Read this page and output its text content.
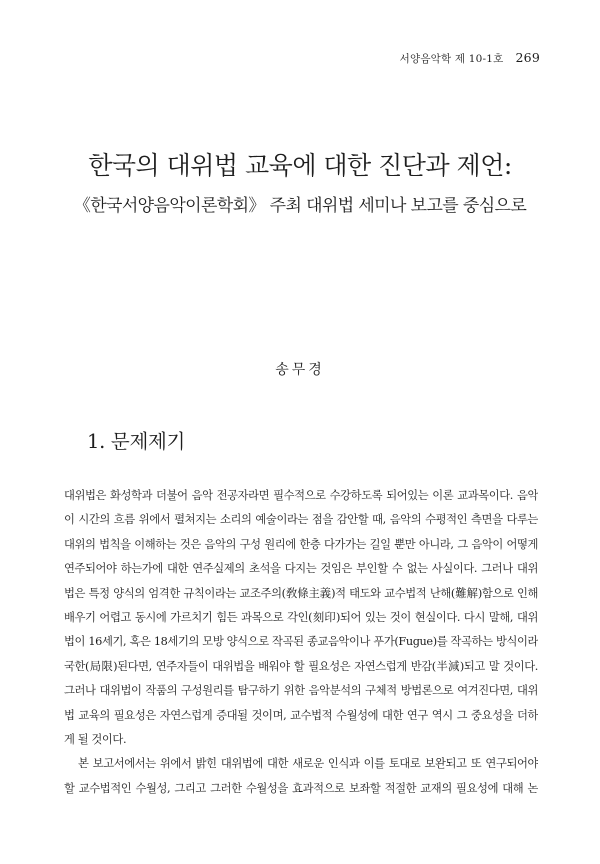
서양음악학 제 10-1호 269
한국의 대위법 교육에 대한 진단과 제언:
《한국서양음악이론학회》 주최 대위법 세미나 보고를 중심으로
송무경
1. 문제제기
대위법은 화성학과 더불어 음악 전공자라면 필수적으로 수강하도록 되어있는 이론 교과목이다. 음악
이 시간의 흐름 위에서 펼쳐지는 소리의 예술이라는 점을 감안할 때, 음악의 수평적인 측면을 다루는
대위의 법칙을 이해하는 것은 음악의 구성 원리에 한층 다가가는 길일 뿐만 아니라, 그 음악이 어떻게
연주되어야 하는가에 대한 연주실제의 초석을 다지는 것임은 부인할 수 없는 사실이다. 그러나 대위
법은 특정 양식의 엄격한 규칙이라는 교조주의(敎條主義)적 태도와 교수법적 난해(難解)함으로 인해
배우기 어렵고 동시에 가르치기 힘든 과목으로 각인(刻印)되어 있는 것이 현실이다. 다시 말해, 대위
법이 16세기, 혹은 18세기의 모방 양식으로 작곡된 종교음악이나 푸가(Fugue)를 작곡하는 방식이라
국한(局限)된다면, 연주자들이 대위법을 배워야 할 필요성은 자연스럽게 반감(半減)되고 말 것이다.
그러나 대위법이 작품의 구성원리를 탐구하기 위한 음악분석의 구체적 방법론으로 여겨진다면, 대위
법 교육의 필요성은 자연스럽게 증대될 것이며, 교수법적 수월성에 대한 연구 역시 그 중요성을 더하
게 될 것이다.
본 보고서에서는 위에서 밝힌 대위법에 대한 새로운 인식과 이를 토대로 보완되고 또 연구되어야
할 교수법적인 수월성, 그리고 그러한 수월성을 효과적으로 보좌할 적절한 교재의 필요성에 대해 논
